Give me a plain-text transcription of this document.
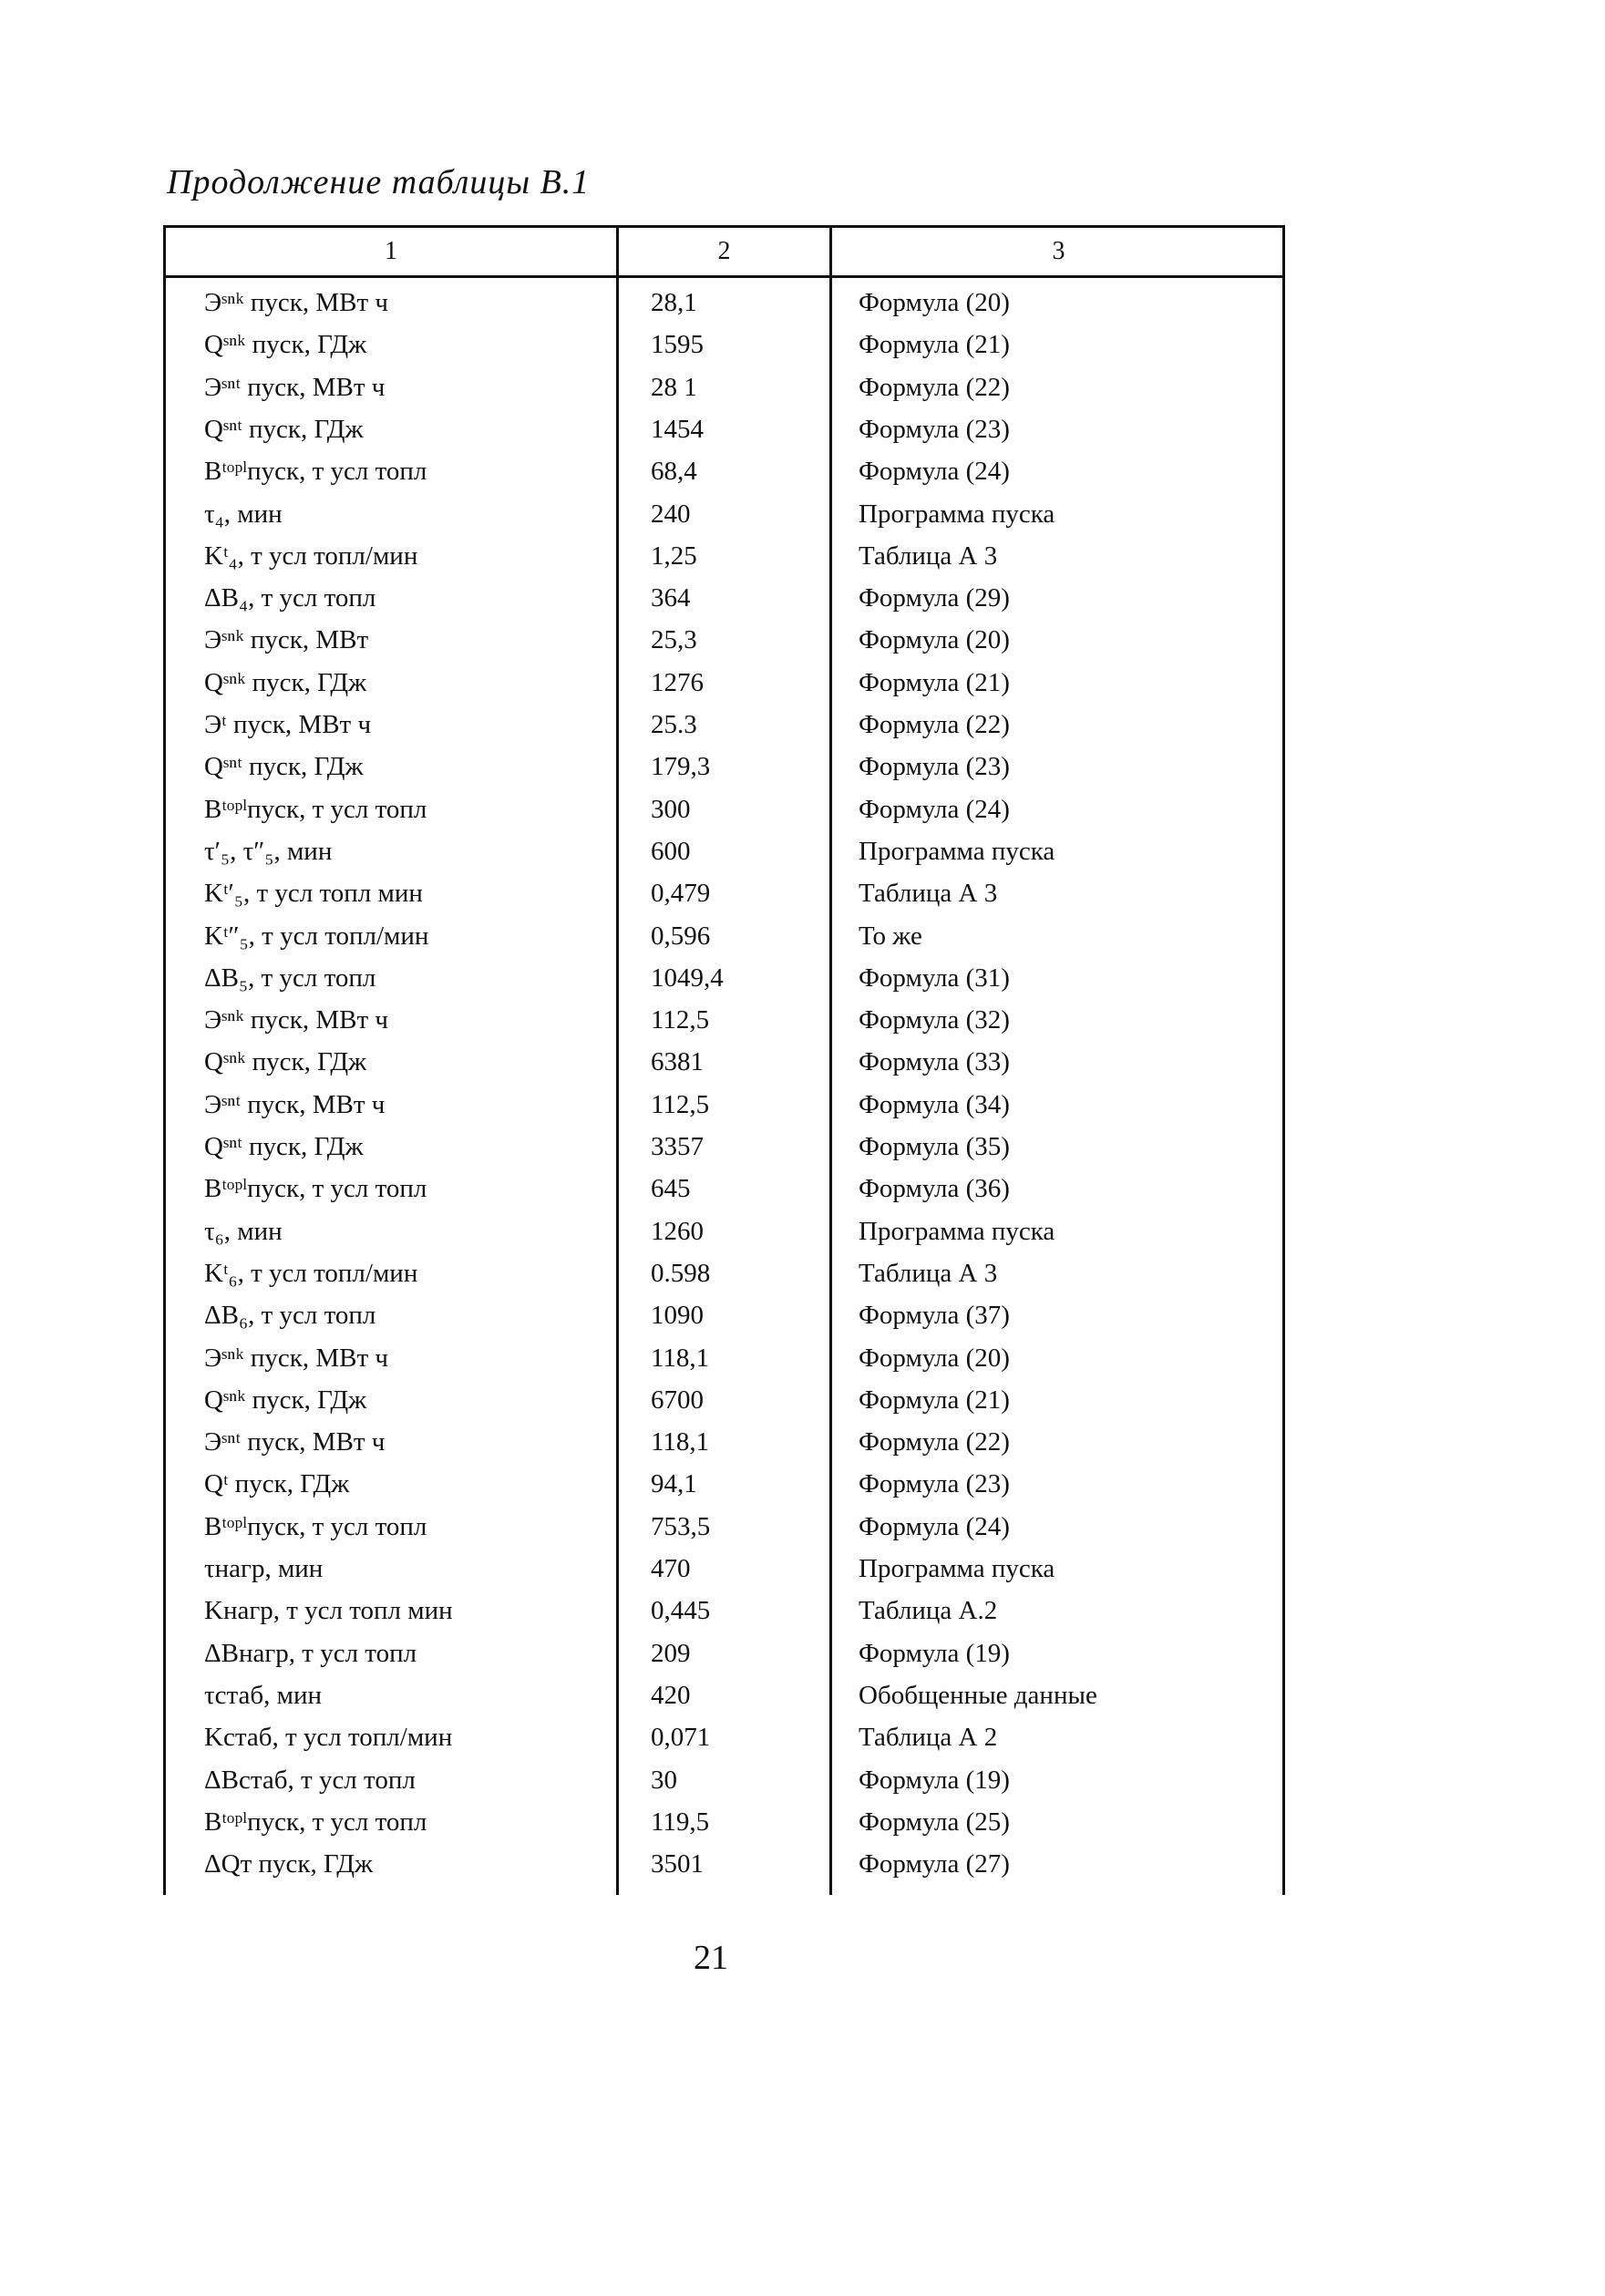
Продолжение таблицы В.1
1	2	3
Эˢⁿᵏ пуск, МВт ч	28,1	Формула (20)
Qˢⁿᵏ пуск, ГДж	1595	Формула (21)
Эˢⁿᵗ пуск, МВт ч	28 1	Формула (22)
Qˢⁿᵗ пуск, ГДж	1454	Формула (23)
Bᵗᵒᵖˡпуск, т усл топл	68,4	Формула (24)
τ₄, мин	240	Программа пуска
Kᵗ₄, т усл топл/мин	1,25	Таблица А 3
ΔB₄, т усл топл	364	Формула (29)
Эˢⁿᵏ пуск, МВт	25,3	Формула (20)
Qˢⁿᵏ пуск, ГДж	1276	Формула (21)
Эᵗ пуск, МВт ч	25.3	Формула (22)
Qˢⁿᵗ пуск, ГДж	179,3	Формула (23)
Bᵗᵒᵖˡпуск, т усл топл	300	Формула (24)
τ′₅, τ″₅, мин	600	Программа пуска
Kᵗ′₅, т усл топл мин	0,479	Таблица А 3
Kᵗ″₅, т усл топл/мин	0,596	То же
ΔB₅, т усл топл	1049,4	Формула (31)
Эˢⁿᵏ пуск, МВт ч	112,5	Формула (32)
Qˢⁿᵏ пуск, ГДж	6381	Формула (33)
Эˢⁿᵗ пуск, МВт ч	112,5	Формула (34)
Qˢⁿᵗ пуск, ГДж	3357	Формула (35)
Bᵗᵒᵖˡпуск, т усл топл	645	Формула (36)
τ₆, мин	1260	Программа пуска
Kᵗ₆, т усл топл/мин	0.598	Таблица А 3
ΔB₆, т усл топл	1090	Формула (37)
Эˢⁿᵏ пуск, МВт ч	118,1	Формула (20)
Qˢⁿᵏ пуск, ГДж	6700	Формула (21)
Эˢⁿᵗ пуск, МВт ч	118,1	Формула (22)
Qᵗ пуск, ГДж	94,1	Формула (23)
Bᵗᵒᵖˡпуск, т усл топл	753,5	Формула (24)
τнагр, мин	470	Программа пуска
Kнагр, т усл топл мин	0,445	Таблица А.2
ΔBнагр, т усл топл	209	Формула (19)
τстаб, мин	420	Обобщенные данные
Kстаб, т усл топл/мин	0,071	Таблица А 2
ΔBстаб, т усл топл	30	Формула (19)
Bᵗᵒᵖˡпуск, т усл топл	119,5	Формула (25)
ΔQт пуск, ГДж	3501	Формула (27)
21
